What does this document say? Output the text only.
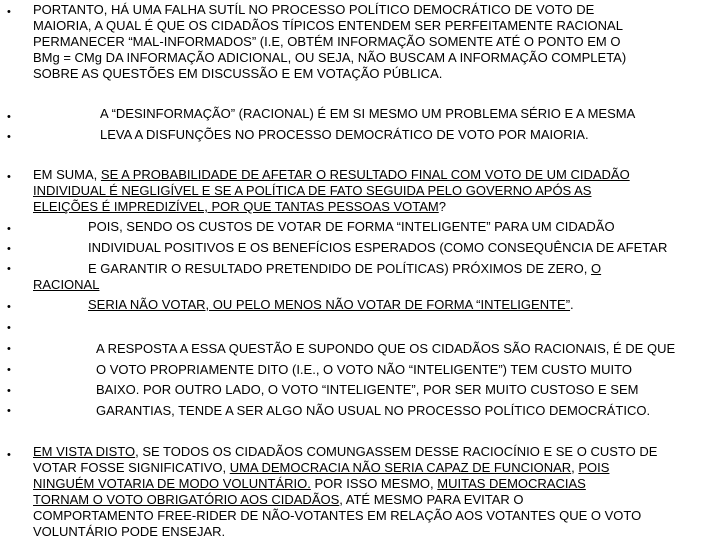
•
•
•
•
•
•
•
•
•
•
•
•
•
•
PORTANTO, HÁ UMA FALHA SUTÍL NO PROCESSO POLÍTICO DEMOCRÁTICO DE VOTO DE
MAIORIA, A QUAL É QUE OS CIDADÃOS TÍPICOS ENTENDEM SER PERFEITAMENTE RACIONAL
PERMANECER “MAL-INFORMADOS” (I.E, OBTÉM INFORMAÇÃO SOMENTE ATÉ O PONTO EM O
BMg = CMg DA INFORMAÇÃO ADICIONAL, OU SEJA, NÃO BUSCAM A INFORMAÇÃO COMPLETA)
SOBRE AS QUESTÕES EM DISCUSSÃO E EM VOTAÇÃO PÚBLICA.
A “DESINFORMAÇÃO” (RACIONAL) É EM SI MESMO UM PROBLEMA SÉRIO E A MESMA
LEVA A DISFUNÇÕES NO PROCESSO DEMOCRÁTICO DE VOTO POR MAIORIA.
EM SUMA, SE A PROBABILIDADE DE AFETAR O RESULTADO FINAL COM VOTO DE UM CIDADÃO
INDIVIDUAL É NEGLIGÍVEL E SE A POLÍTICA DE FATO SEGUIDA PELO GOVERNO APÓS AS
ELEIÇÕES É IMPREDIZÍVEL, POR QUE TANTAS PESSOAS VOTAM?
POIS, SENDO OS CUSTOS DE VOTAR DE FORMA “INTELIGENTE” PARA UM CIDADÃO
INDIVIDUAL POSITIVOS E OS BENEFÍCIOS ESPERADOS (COMO CONSEQUÊNCIA DE AFETAR
E GARANTIR O RESULTADO PRETENDIDO DE POLÍTICAS) PRÓXIMOS DE ZERO, O
RACIONAL
SERIA NÃO VOTAR, OU PELO MENOS NÃO VOTAR DE FORMA “INTELIGENTE”.
A RESPOSTA A ESSA QUESTÃO E SUPONDO QUE OS CIDADÃOS SÃO RACIONAIS, É DE QUE
O VOTO PROPRIAMENTE DITO (I.E., O VOTO NÃO “INTELIGENTE”) TEM CUSTO MUITO
BAIXO. POR OUTRO LADO, O VOTO “INTELIGENTE”, POR SER MUITO CUSTOSO E SEM
GARANTIAS, TENDE A SER ALGO NÃO USUAL NO PROCESSO POLÍTICO DEMOCRÁTICO.
EM VISTA DISTO, SE TODOS OS CIDADÃOS COMUNGASSEM DESSE RACIOCÍNIO E SE O CUSTO DE
VOTAR FOSSE SIGNIFICATIVO, UMA DEMOCRACIA NÃO SERIA CAPAZ DE FUNCIONAR, POIS
NINGUÉM VOTARIA DE MODO VOLUNTÁRIO. POR ISSO MESMO, MUITAS DEMOCRACIAS
TORNAM O VOTO OBRIGATÓRIO AOS CIDADÃOS, ATÉ MESMO PARA EVITAR O
COMPORTAMENTO FREE-RIDER DE NÃO-VOTANTES EM RELAÇÃO AOS VOTANTES QUE O VOTO
VOLUNTÁRIO PODE ENSEJAR.
